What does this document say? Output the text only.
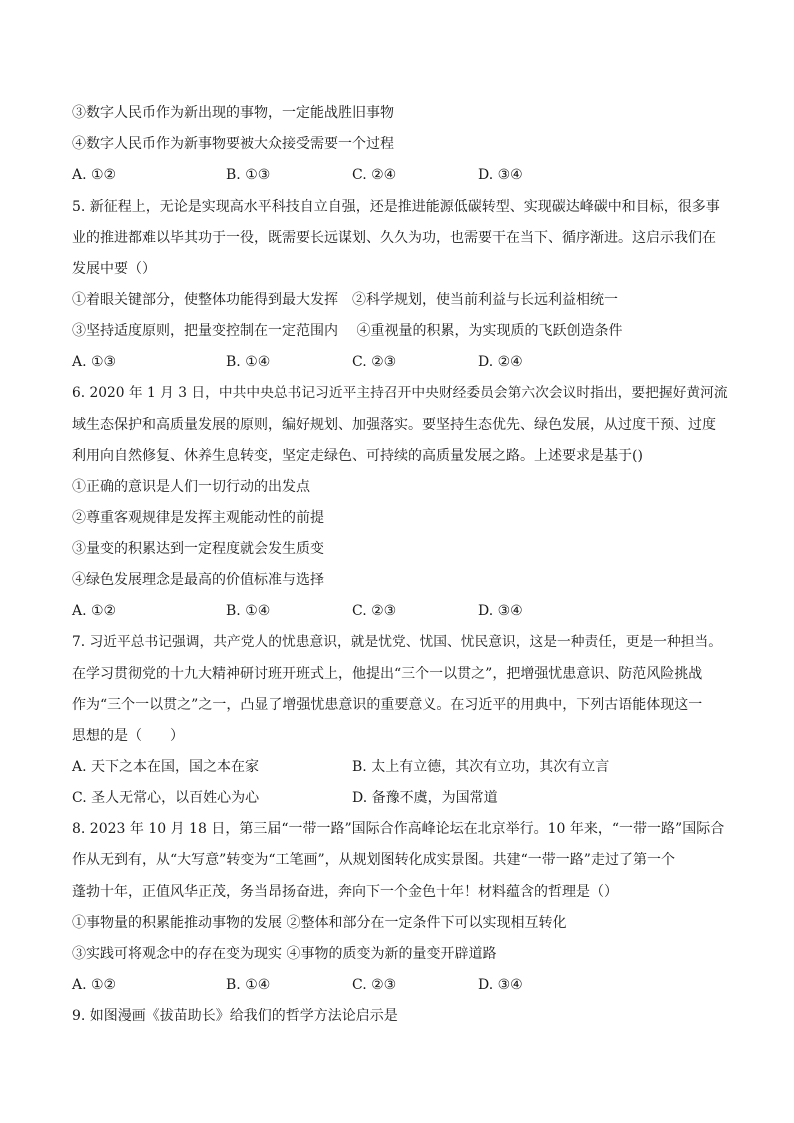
③数字人民币作为新出现的事物，一定能战胜旧事物
④数字人民币作为新事物要被大众接受需要一个过程
A. ①②	B. ①③	C. ②④	D. ③④
5. 新征程上，无论是实现高水平科技自立自强，还是推进能源低碳转型、实现碳达峰碳中和目标，很多事
业的推进都难以毕其功于一役，既需要长远谋划、久久为功，也需要干在当下、循序渐进。这启示我们在
发展中要（）
①着眼关键部分，使整体功能得到最大发挥　②科学规划，使当前利益与长远利益相统一
③坚持适度原则，把量变控制在一定范围内　 ④重视量的积累，为实现质的飞跃创造条件
A. ①③	B. ①④	C. ②③	D. ②④
6. 2020 年 1 月 3 日，中共中央总书记习近平主持召开中央财经委员会第六次会议时指出，要把握好黄河流
域生态保护和高质量发展的原则，编好规划、加强落实。要坚持生态优先、绿色发展，从过度干预、过度
利用向自然修复、休养生息转变，坚定走绿色、可持续的高质量发展之路。上述要求是基于()
①正确的意识是人们一切行动的出发点
②尊重客观规律是发挥主观能动性的前提
③量变的积累达到一定程度就会发生质变
④绿色发展理念是最高的价值标准与选择
A. ①②	B. ①④	C. ②③	D. ③④
7. 习近平总书记强调，共产党人的忧患意识，就是忧党、忧国、忧民意识，这是一种责任，更是一种担当。
在学习贯彻党的十九大精神研讨班开班式上，他提出“三个一以贯之”，把增强忧患意识、防范风险挑战
作为“三个一以贯之”之一，凸显了增强忧患意识的重要意义。在习近平的用典中，下列古语能体现这一
思想的是（　　）
A. 天下之本在国，国之本在家	B. 太上有立德，其次有立功，其次有立言
C. 圣人无常心，以百姓心为心	D. 备豫不虞，为国常道
8. 2023 年 10 月 18 日，第三届“一带一路”国际合作高峰论坛在北京举行。10 年来，“一带一路”国际合
作从无到有，从“大写意”转变为“工笔画”，从规划图转化成实景图。共建“一带一路”走过了第一个
蓬勃十年，正值风华正茂，务当昂扬奋进，奔向下一个金色十年！材料蕴含的哲理是（）
①事物量的积累能推动事物的发展 ②整体和部分在一定条件下可以实现相互转化
③实践可将观念中的存在变为现实 ④事物的质变为新的量变开辟道路
A. ①②	B. ①④	C. ②③	D. ③④
9. 如图漫画《拔苗助长》给我们的哲学方法论启示是
